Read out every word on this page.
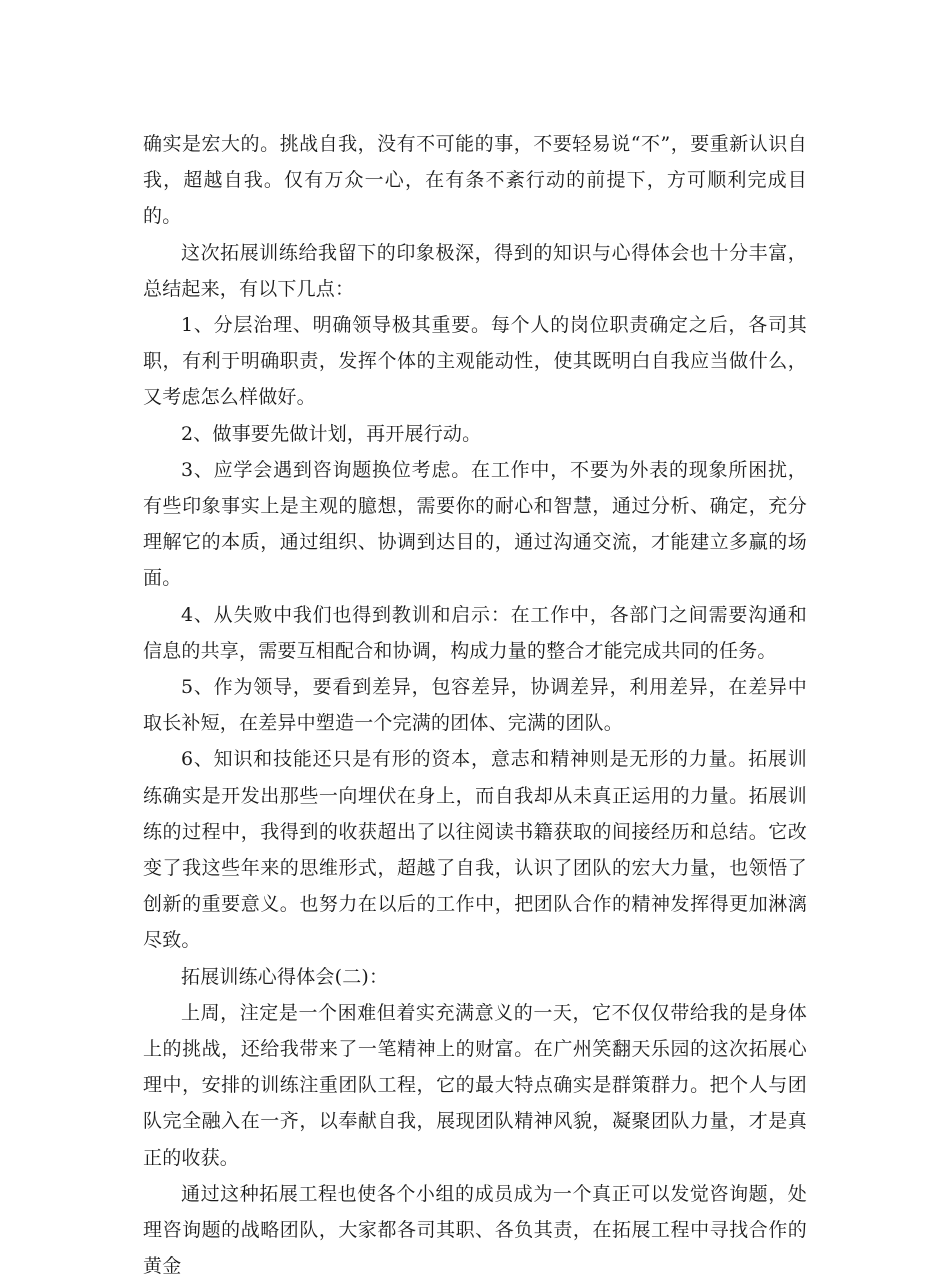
确实是宏大的。挑战自我，没有不可能的事，不要轻易说“不”，要重新认识自我，超越自我。仅有万众一心，在有条不紊行动的前提下，方可顺利完成目的。

这次拓展训练给我留下的印象极深，得到的知识与心得体会也十分丰富，总结起来，有以下几点：

1、分层治理、明确领导极其重要。每个人的岗位职责确定之后，各司其职，有利于明确职责，发挥个体的主观能动性，使其既明白自我应当做什么，又考虑怎么样做好。

2、做事要先做计划，再开展行动。

3、应学会遇到咨询题换位考虑。在工作中，不要为外表的现象所困扰，有些印象事实上是主观的臆想，需要你的耐心和智慧，通过分析、确定，充分理解它的本质，通过组织、协调到达目的，通过沟通交流，才能建立多赢的场面。

4、从失败中我们也得到教训和启示：在工作中，各部门之间需要沟通和信息的共享，需要互相配合和协调，构成力量的整合才能完成共同的任务。

5、作为领导，要看到差异，包容差异，协调差异，利用差异，在差异中取长补短，在差异中塑造一个完满的团体、完满的团队。

6、知识和技能还只是有形的资本，意志和精神则是无形的力量。拓展训练确实是开发出那些一向埋伏在身上，而自我却从未真正运用的力量。拓展训练的过程中，我得到的收获超出了以往阅读书籍获取的间接经历和总结。它改变了我这些年来的思维形式，超越了自我，认识了团队的宏大力量，也领悟了创新的重要意义。也努力在以后的工作中，把团队合作的精神发挥得更加淋漓尽致。

拓展训练心得体会(二)：

上周，注定是一个困难但着实充满意义的一天，它不仅仅带给我的是身体上的挑战，还给我带来了一笔精神上的财富。在广州笑翻天乐园的这次拓展心理中，安排的训练注重团队工程，它的最大特点确实是群策群力。把个人与团队完全融入在一齐，以奉献自我，展现团队精神风貌，凝聚团队力量，才是真正的收获。

通过这种拓展工程也使各个小组的成员成为一个真正可以发觉咨询题，处理咨询题的战略团队，大家都各司其职、各负其责，在拓展工程中寻找合作的黄金
